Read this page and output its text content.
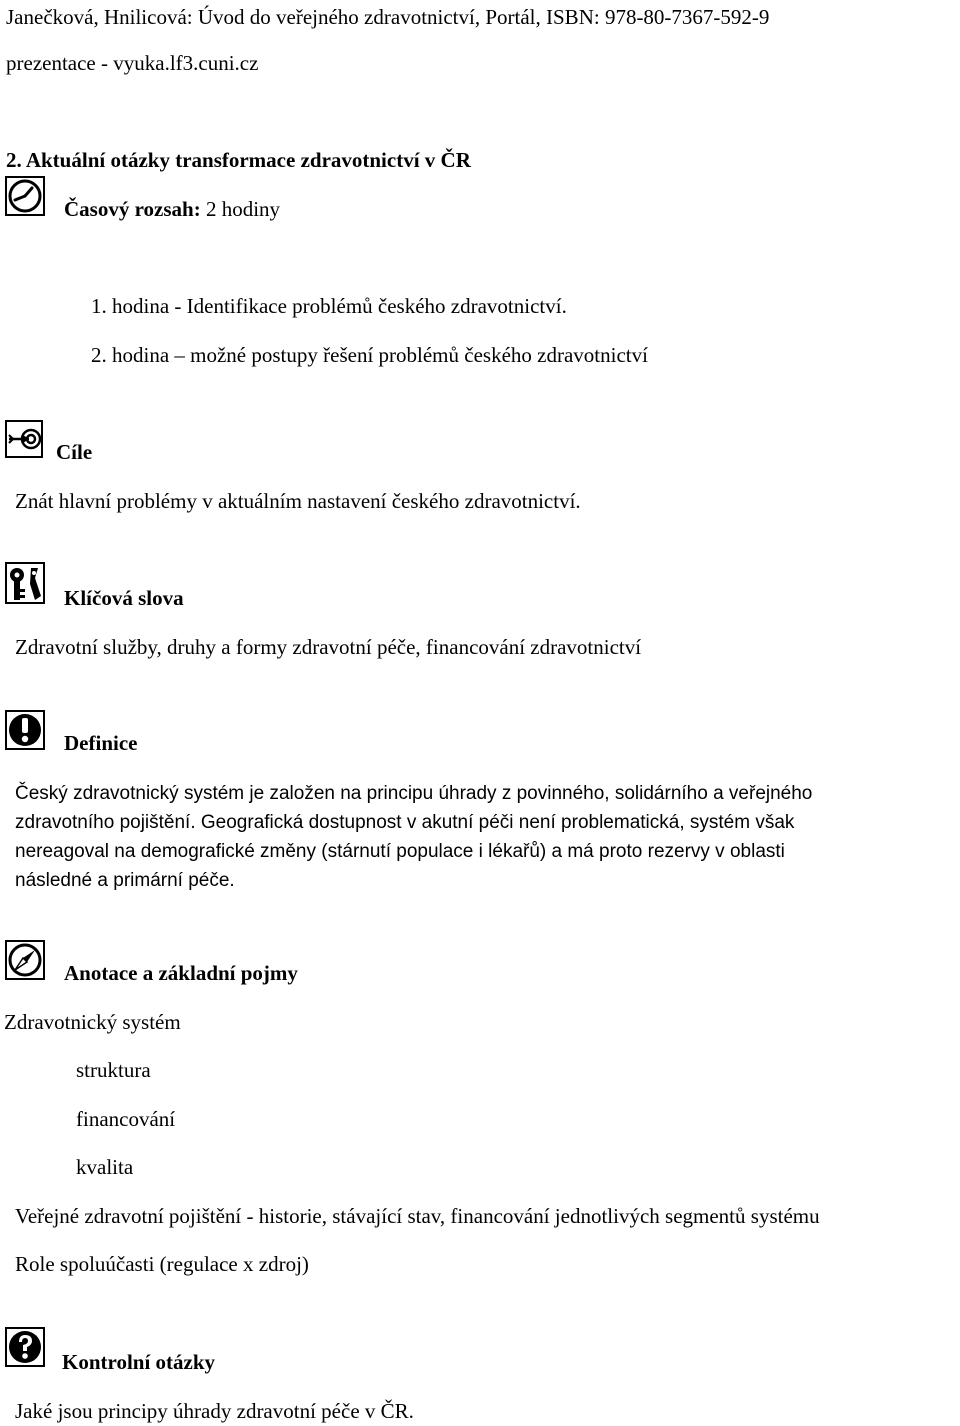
Janečková, Hnilicová: Úvod do veřejného zdravotnictví, Portál, ISBN: 978-80-7367-592-9
prezentace - vyuka.lf3.cuni.cz
2. Aktuální otázky transformace zdravotnictví v ČR
Časový rozsah: 2 hodiny
1. hodina - Identifikace problémů českého zdravotnictví.
2. hodina – možné postupy řešení problémů českého zdravotnictví
Cíle
Znát hlavní problémy v aktuálním nastavení českého zdravotnictví.
Klíčová slova
Zdravotní služby, druhy a formy zdravotní péče, financování zdravotnictví
Definice
Český zdravotnický systém je založen na principu úhrady z povinného, solidárního a veřejného
zdravotního pojištění. Geografická dostupnost v akutní péči není problematická, systém však
nereagoval na demografické změny (stárnutí populace i lékařů) a má proto rezervy v oblasti
následné a primární péče.
Anotace a základní pojmy
Zdravotnický systém
struktura
financování
kvalita
Veřejné zdravotní pojištění - historie, stávající stav, financování jednotlivých segmentů systému
Role spoluúčasti (regulace x zdroj)
Kontrolní otázky
Jaké jsou principy úhrady zdravotní péče v ČR.
